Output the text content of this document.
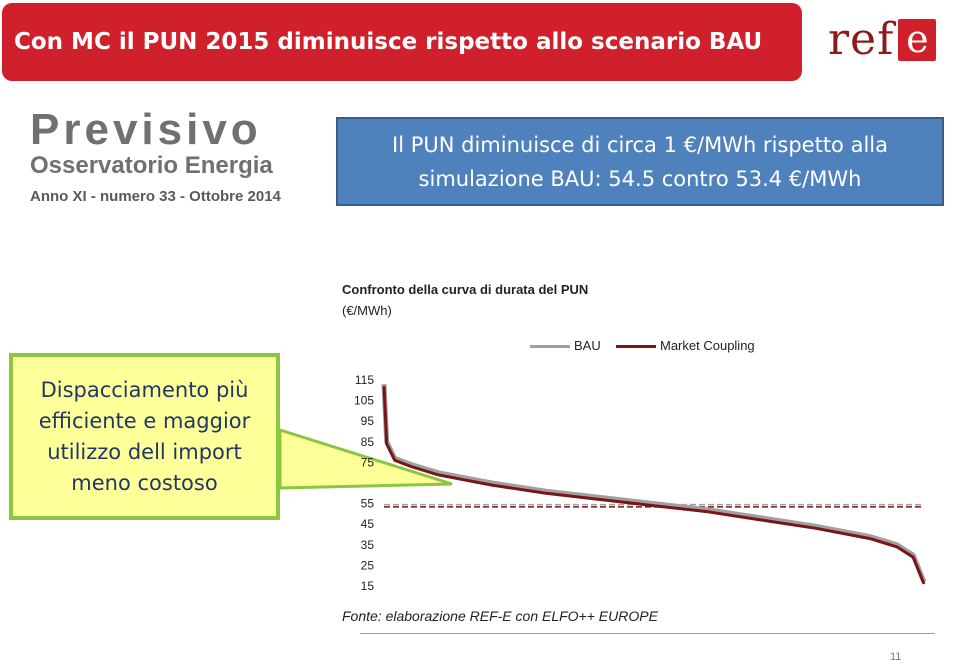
Con MC il PUN 2015 diminuisce rispetto allo scenario BAU	ref e
Previsivo
Osservatorio Energia
Anno XI - numero 33 - Ottobre 2014
Il PUN diminuisce di circa 1 €/MWh rispetto alla
simulazione BAU: 54.5 contro 53.4 €/MWh
Confronto della curva di durata del PUN
(€/MWh)
BAU	Market Coupling
115
105
95
85
75
55
45
35
25
15
Dispacciamento più
efficiente e maggior
utilizzo dell import
meno costoso
Fonte: elaborazione REF-E con ELFO++ EUROPE
11
